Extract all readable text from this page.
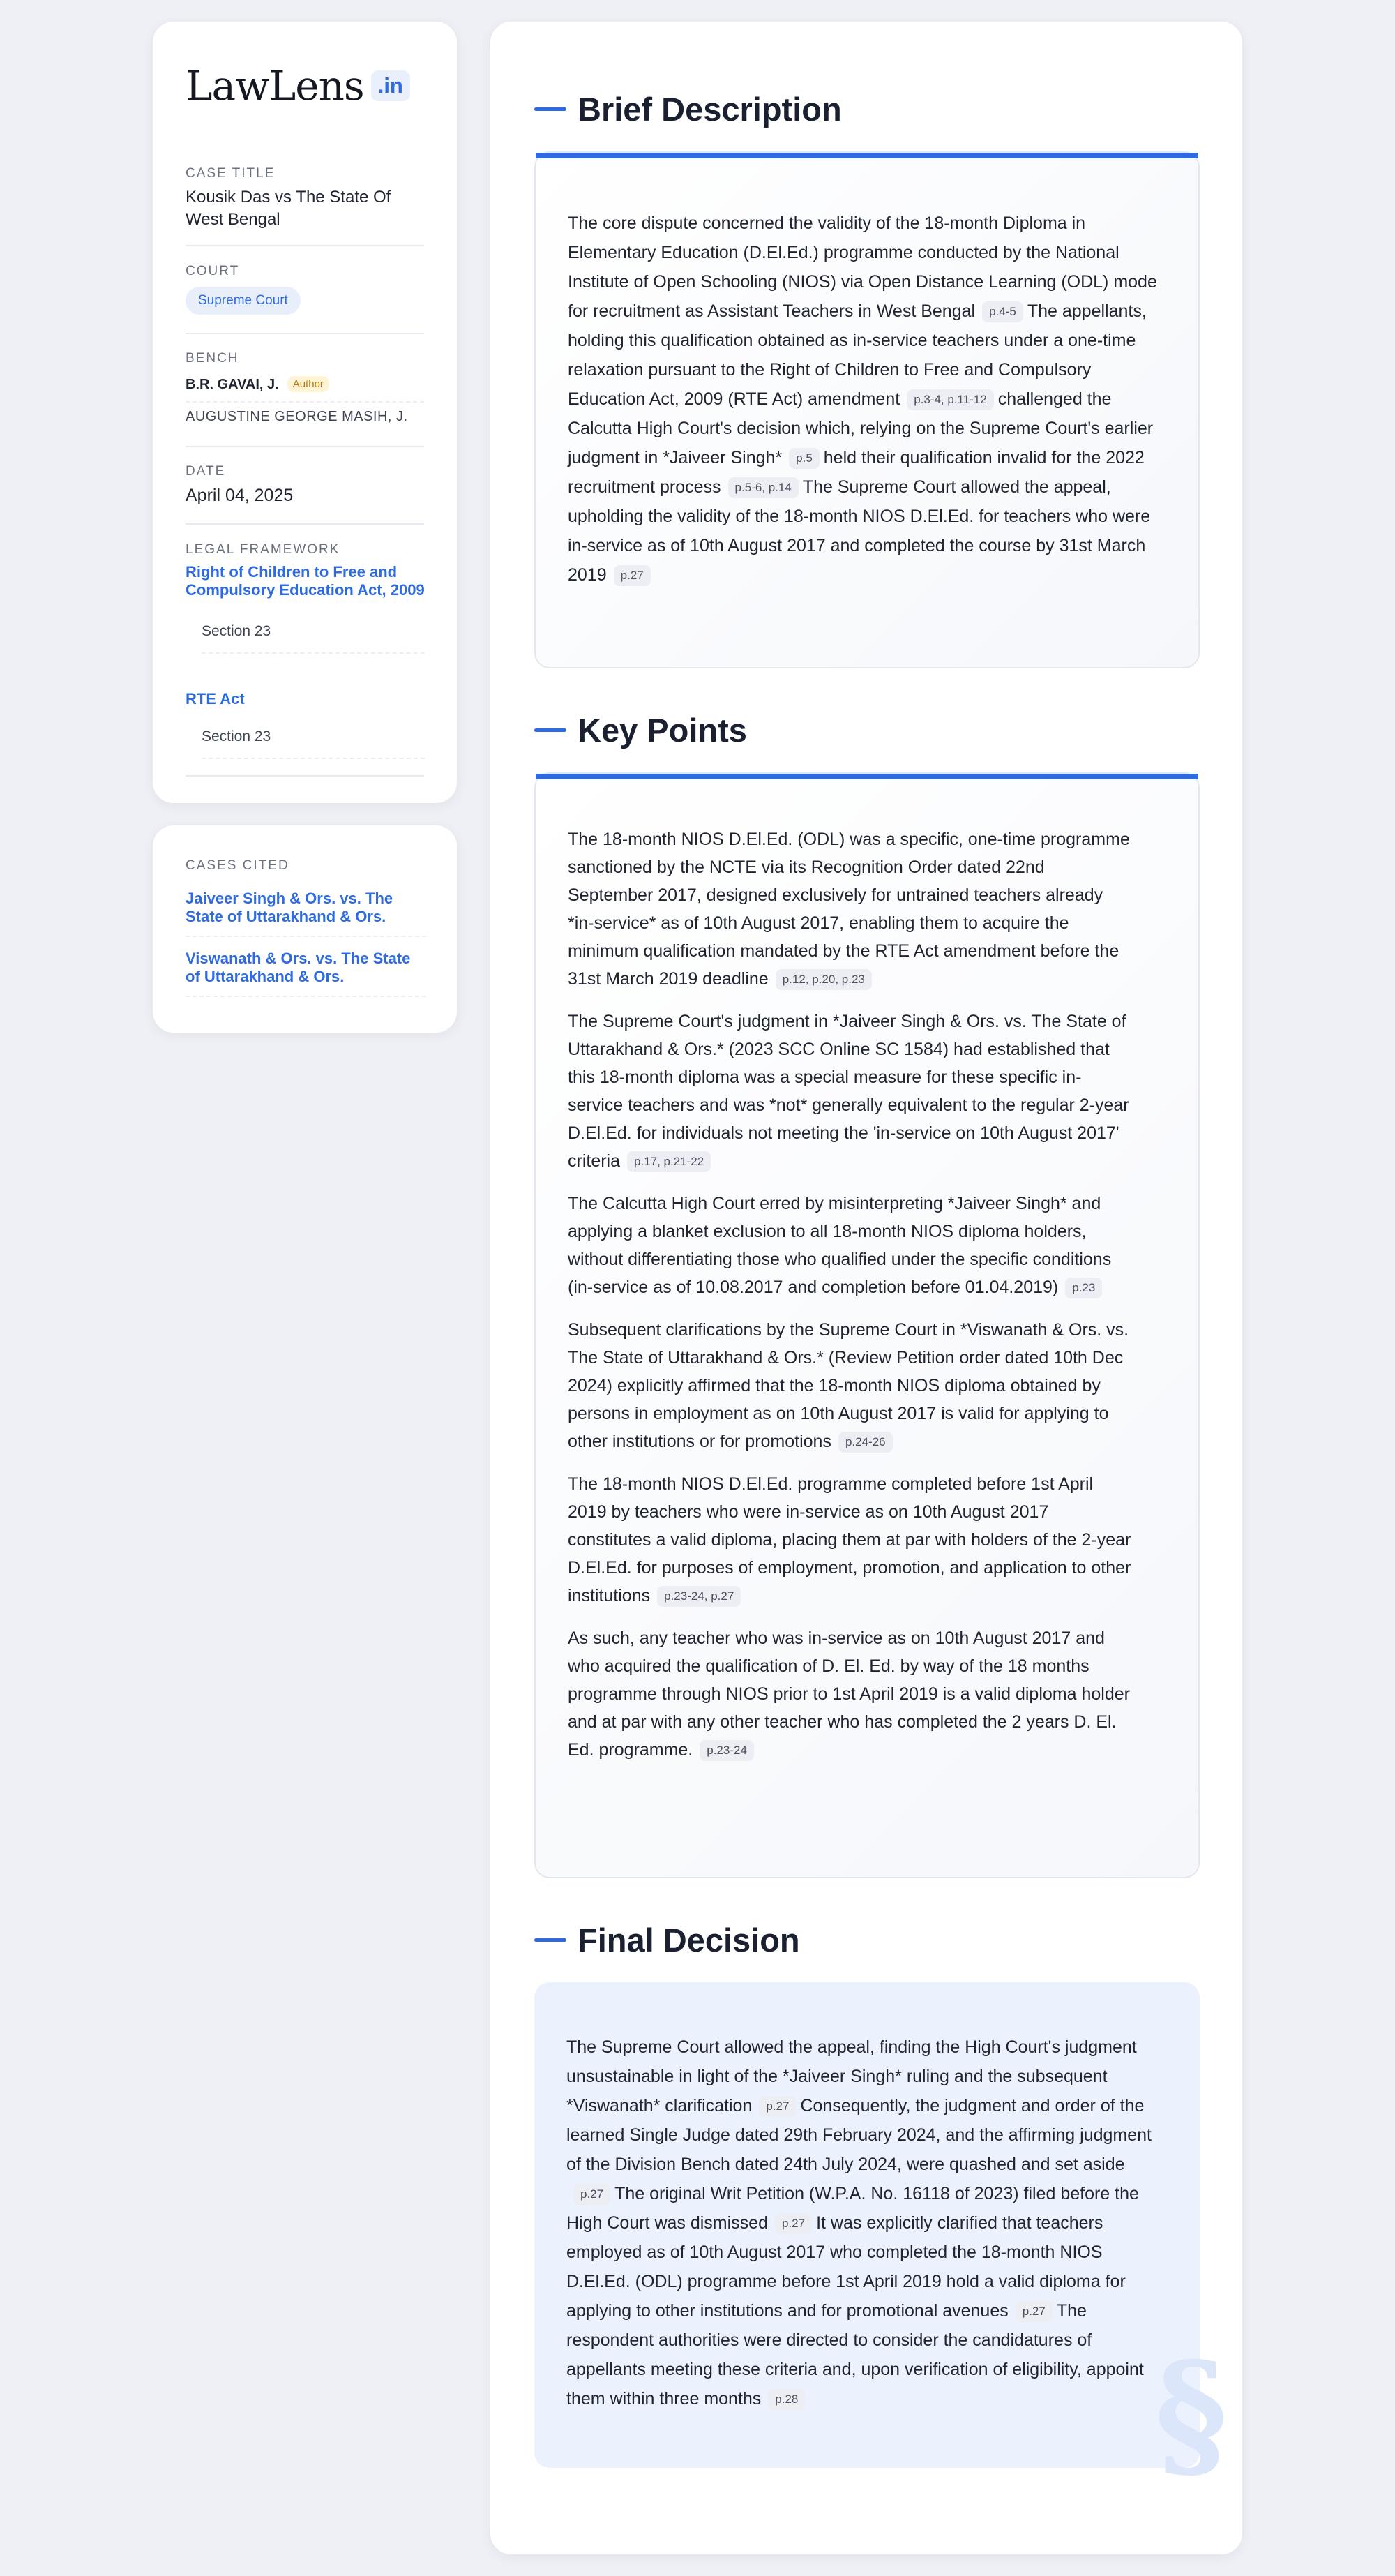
LawLens .in
CASE TITLE
Kousik Das vs The State Of West Bengal
COURT
Supreme Court
BENCH
B.R. GAVAI, J. Author
AUGUSTINE GEORGE MASIH, J.
DATE
April 04, 2025
LEGAL FRAMEWORK
Right of Children to Free and Compulsory Education Act, 2009
Section 23
RTE Act
Section 23
CASES CITED
Jaiveer Singh & Ors. vs. The State of Uttarakhand & Ors.
Viswanath & Ors. vs. The State of Uttarakhand & Ors.
Brief Description
The core dispute concerned the validity of the 18-month Diploma in Elementary Education (D.El.Ed.) programme conducted by the National Institute of Open Schooling (NIOS) via Open Distance Learning (ODL) mode for recruitment as Assistant Teachers in West Bengal p.4-5 The appellants, holding this qualification obtained as in-service teachers under a one-time relaxation pursuant to the Right of Children to Free and Compulsory Education Act, 2009 (RTE Act) amendment p.3-4, p.11-12 challenged the Calcutta High Court's decision which, relying on the Supreme Court's earlier judgment in *Jaiveer Singh* p.5 held their qualification invalid for the 2022 recruitment process p.5-6, p.14 The Supreme Court allowed the appeal, upholding the validity of the 18-month NIOS D.El.Ed. for teachers who were in-service as of 10th August 2017 and completed the course by 31st March 2019 p.27
Key Points
The 18-month NIOS D.El.Ed. (ODL) was a specific, one-time programme sanctioned by the NCTE via its Recognition Order dated 22nd September 2017, designed exclusively for untrained teachers already *in-service* as of 10th August 2017, enabling them to acquire the minimum qualification mandated by the RTE Act amendment before the 31st March 2019 deadline p.12, p.20, p.23
The Supreme Court's judgment in *Jaiveer Singh & Ors. vs. The State of Uttarakhand & Ors.* (2023 SCC Online SC 1584) had established that this 18-month diploma was a special measure for these specific in-service teachers and was *not* generally equivalent to the regular 2-year D.El.Ed. for individuals not meeting the 'in-service on 10th August 2017' criteria p.17, p.21-22
The Calcutta High Court erred by misinterpreting *Jaiveer Singh* and applying a blanket exclusion to all 18-month NIOS diploma holders, without differentiating those who qualified under the specific conditions (in-service as of 10.08.2017 and completion before 01.04.2019) p.23
Subsequent clarifications by the Supreme Court in *Viswanath & Ors. vs. The State of Uttarakhand & Ors.* (Review Petition order dated 10th Dec 2024) explicitly affirmed that the 18-month NIOS diploma obtained by persons in employment as on 10th August 2017 is valid for applying to other institutions or for promotions p.24-26
The 18-month NIOS D.El.Ed. programme completed before 1st April 2019 by teachers who were in-service as on 10th August 2017 constitutes a valid diploma, placing them at par with holders of the 2-year D.El.Ed. for purposes of employment, promotion, and application to other institutions p.23-24, p.27
As such, any teacher who was in-service as on 10th August 2017 and who acquired the qualification of D. El. Ed. by way of the 18 months programme through NIOS prior to 1st April 2019 is a valid diploma holder and at par with any other teacher who has completed the 2 years D. El. Ed. programme. p.23-24
Final Decision
§
The Supreme Court allowed the appeal, finding the High Court's judgment unsustainable in light of the *Jaiveer Singh* ruling and the subsequent *Viswanath* clarification p.27 Consequently, the judgment and order of the learned Single Judge dated 29th February 2024, and the affirming judgment of the Division Bench dated 24th July 2024, were quashed and set asidep.27 The original Writ Petition (W.P.A. No. 16118 of 2023) filed before the High Court was dismissed p.27 It was explicitly clarified that teachers employed as of 10th August 2017 who completed the 18-month NIOS D.El.Ed. (ODL) programme before 1st April 2019 hold a valid diploma for applying to other institutions and for promotional avenues p.27 The respondent authorities were directed to consider the candidatures of appellants meeting these criteria and, upon verification of eligibility, appoint them within three months p.28
